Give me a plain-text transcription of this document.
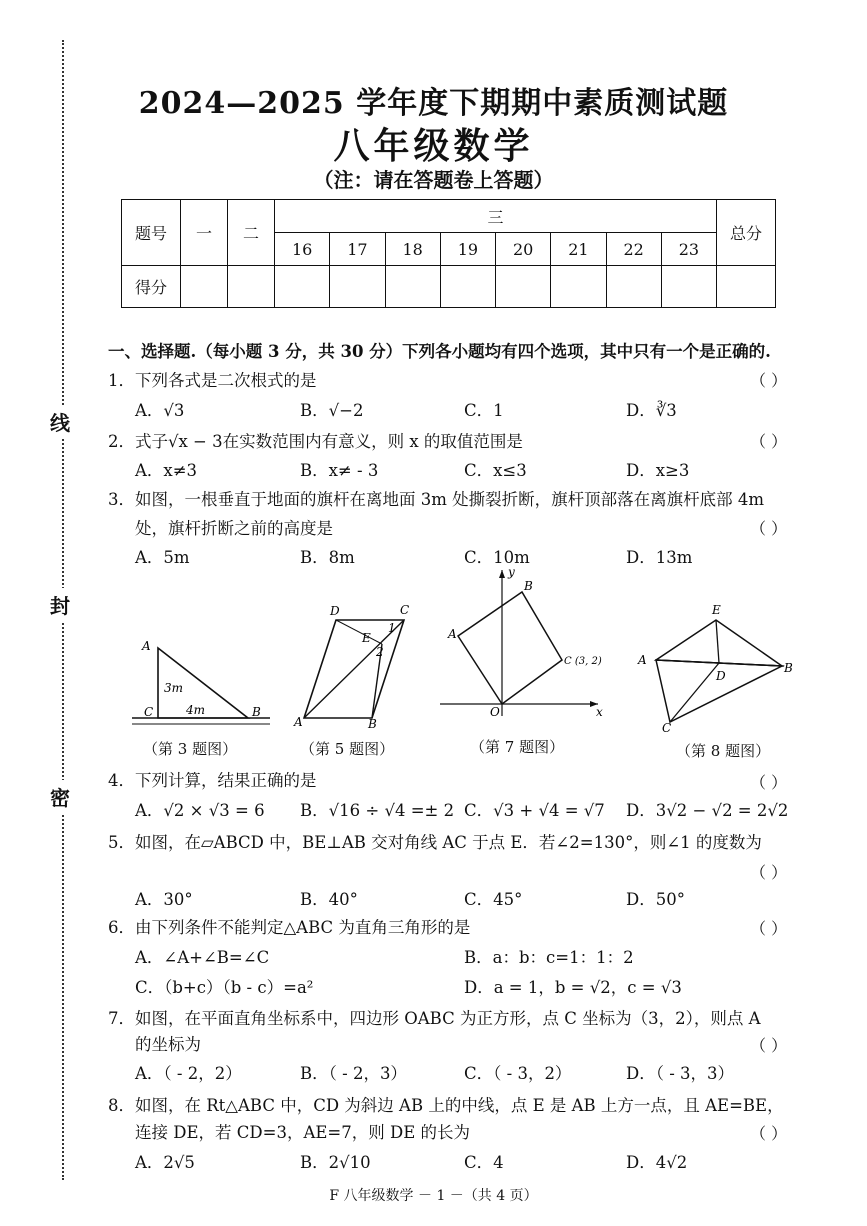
线
封
密
2024—2025 学年度下期期中素质测试题
八年级数学
（注：请在答题卷上答题）
题号	一	二	三								总分
			16	17	18	19	20	21	22	23	
得分											
一、选择题.（每小题 3 分，共 30 分）下列各小题均有四个选项，其中只有一个是正确的.
1．下列各式是二次根式的是	（ ）
A．√3	B．√−2	C．1	D．∛3
2．式子√x − 3在实数范围内有意义，则 x 的取值范围是	（ ）
A．x≠3	B．x≠ - 3	C．x≤3	D．x≥3
3．如图，一根垂直于地面的旗杆在离地面 3m 处撕裂折断，旗杆顶部落在离旗杆底部 4m
处，旗杆折断之前的高度是	（ ）
A．5m	B．8m	C．10m	D．13m
A
C	B
3m
4m
（第 3 题图）
D	C
E
1
2
A	B
（第 5 题图）
y
B
A
C (3, 2)
O	x
（第 7 题图）
E
A
B
D
C
（第 8 题图）
4．下列计算，结果正确的是	（ ）
A．√2 × √3 = 6 B．√16 ÷ √4 =± 2 C．√3 + √4 = √7 D．3√2 − √2 = 2√2
5．如图，在▱ABCD 中，BE⊥AB 交对角线 AC 于点 E．若∠2=130°，则∠1 的度数为
（ ）
A．30°	B．40°	C．45°	D．50°
6．由下列条件不能判定△ABC 为直角三角形的是	（ ）
A．∠A+∠B=∠C	B．a：b：c=1：1：2
C．（b+c）（b - c）=a²	D．a = 1，b = √2，c = √3
7．如图，在平面直角坐标系中，四边形 OABC 为正方形，点 C 坐标为（3，2），则点 A
的坐标为	（ ）
A．（ - 2，2）	B．（ - 2，3）	C．（ - 3，2）	D．（ - 3，3）
8．如图，在 Rt△ABC 中，CD 为斜边 AB 上的中线，点 E 是 AB 上方一点，且 AE=BE，
连接 DE，若 CD=3，AE=7，则 DE 的长为	（ ）
A．2√5	B．2√10	C．4	D．4√2
F 八年级数学 － 1 －（共 4 页）
